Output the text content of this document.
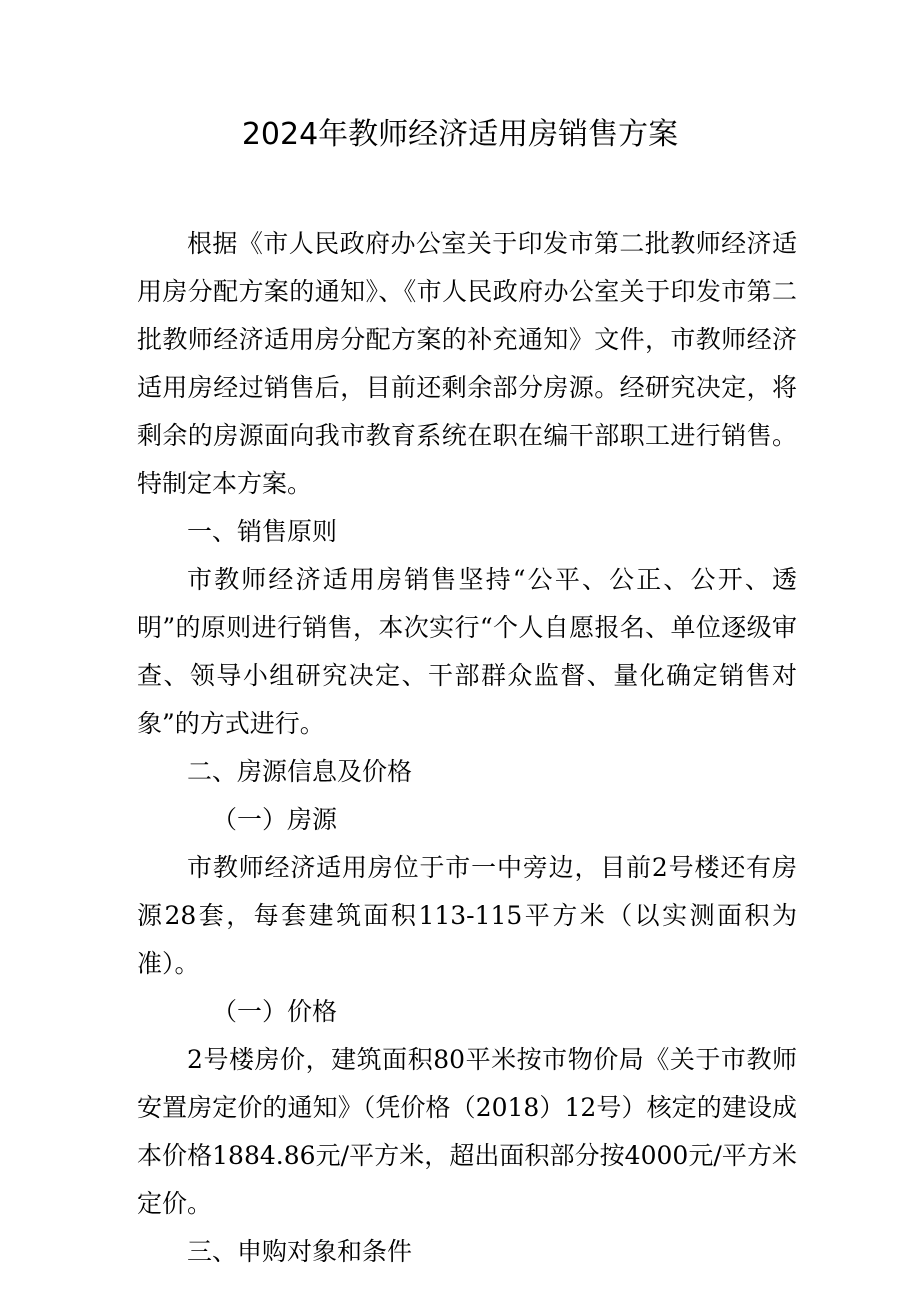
2024年教师经济适用房销售方案

根据《市人民政府办公室关于印发市第二批教师经济适用房分配方案的通知》、《市人民政府办公室关于印发市第二批教师经济适用房分配方案的补充通知》文件，市教师经济适用房经过销售后，目前还剩余部分房源。经研究决定，将剩余的房源面向我市教育系统在职在编干部职工进行销售。特制定本方案。

一、销售原则

市教师经济适用房销售坚持“公平、公正、公开、透明”的原则进行销售，本次实行“个人自愿报名、单位逐级审查、领导小组研究决定、干部群众监督、量化确定销售对象”的方式进行。

二、房源信息及价格

（一）房源

市教师经济适用房位于市一中旁边，目前2号楼还有房源28套，每套建筑面积113-115平方米（以实测面积为准）。

（一）价格

2号楼房价，建筑面积80平米按市物价局《关于市教师安置房定价的通知》（凭价格（2018）12号）核定的建设成本价格1884.86元/平方米，超出面积部分按4000元/平方米定价。

三、申购对象和条件
